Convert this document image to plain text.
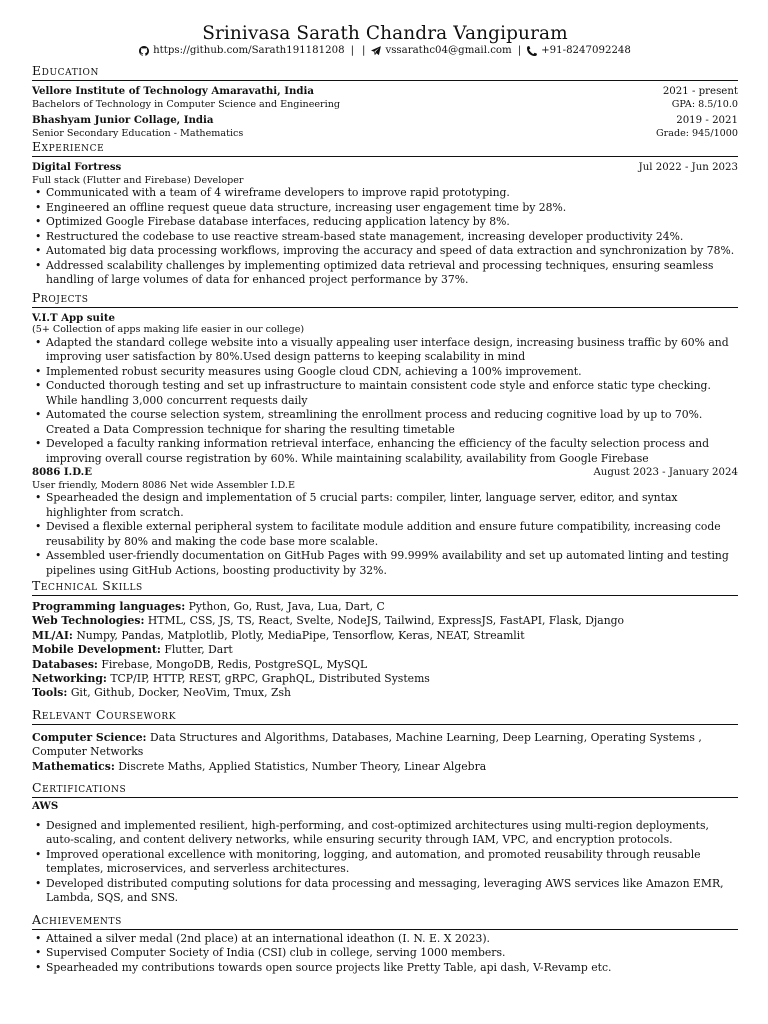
Srinivasa Sarath Chandra Vangipuram
https://github.com/Sarath191181208 | | vssarathc04@gmail.com | +91-8247092248
Education
Vellore Institute of Technology Amaravathi, India	2021 - present
Bachelors of Technology in Computer Science and Engineering	GPA: 8.5/10.0
Bhashyam Junior Collage, India	2019 - 2021
Senior Secondary Education - Mathematics	Grade: 945/1000
Experience
Digital Fortress	Jul 2022 - Jun 2023
Full stack (Flutter and Firebase) Developer
• Communicated with a team of 4 wireframe developers to improve rapid prototyping.
• Engineered an offline request queue data structure, increasing user engagement time by 28%.
• Optimized Google Firebase database interfaces, reducing application latency by 8%.
• Restructured the codebase to use reactive stream-based state management, increasing developer productivity 24%.
• Automated big data processing workflows, improving the accuracy and speed of data extraction and synchronization by 78%.
• Addressed scalability challenges by implementing optimized data retrieval and processing techniques, ensuring seamless handling of large volumes of data for enhanced project performance by 37%.
Projects
V.I.T App suite
(5+ Collection of apps making life easier in our college)
• Adapted the standard college website into a visually appealing user interface design, increasing business traffic by 60% and improving user satisfaction by 80%.Used design patterns to keeping scalability in mind
• Implemented robust security measures using Google cloud CDN, achieving a 100% improvement.
• Conducted thorough testing and set up infrastructure to maintain consistent code style and enforce static type checking. While handling 3,000 concurrent requests daily
• Automated the course selection system, streamlining the enrollment process and reducing cognitive load by up to 70%. Created a Data Compression technique for sharing the resulting timetable
• Developed a faculty ranking information retrieval interface, enhancing the efficiency of the faculty selection process and improving overall course registration by 60%. While maintaining scalability, availability from Google Firebase
8086 I.D.E	August 2023 - January 2024
User friendly, Modern 8086 Net wide Assembler I.D.E
• Spearheaded the design and implementation of 5 crucial parts: compiler, linter, language server, editor, and syntax highlighter from scratch.
• Devised a flexible external peripheral system to facilitate module addition and ensure future compatibility, increasing code reusability by 80% and making the code base more scalable.
• Assembled user-friendly documentation on GitHub Pages with 99.999% availability and set up automated linting and testing pipelines using GitHub Actions, boosting productivity by 32%.
Technical Skills
Programming languages: Python, Go, Rust, Java, Lua, Dart, C
Web Technologies: HTML, CSS, JS, TS, React, Svelte, NodeJS, Tailwind, ExpressJS, FastAPI, Flask, Django
ML/AI: Numpy, Pandas, Matplotlib, Plotly, MediaPipe, Tensorflow, Keras, NEAT, Streamlit
Mobile Development: Flutter, Dart
Databases: Firebase, MongoDB, Redis, PostgreSQL, MySQL
Networking: TCP/IP, HTTP, REST, gRPC, GraphQL, Distributed Systems
Tools: Git, Github, Docker, NeoVim, Tmux, Zsh
Relevant Coursework
Computer Science: Data Structures and Algorithms, Databases, Machine Learning, Deep Learning, Operating Systems , Computer Networks
Mathematics: Discrete Maths, Applied Statistics, Number Theory, Linear Algebra
Certifications
AWS
• Designed and implemented resilient, high-performing, and cost-optimized architectures using multi-region deployments, auto-scaling, and content delivery networks, while ensuring security through IAM, VPC, and encryption protocols.
• Improved operational excellence with monitoring, logging, and automation, and promoted reusability through reusable templates, microservices, and serverless architectures.
• Developed distributed computing solutions for data processing and messaging, leveraging AWS services like Amazon EMR, Lambda, SQS, and SNS.
Achievements
• Attained a silver medal (2nd place) at an international ideathon (I. N. E. X 2023).
• Supervised Computer Society of India (CSI) club in college, serving 1000 members.
• Spearheaded my contributions towards open source projects like Pretty Table, api dash, V-Revamp etc.
